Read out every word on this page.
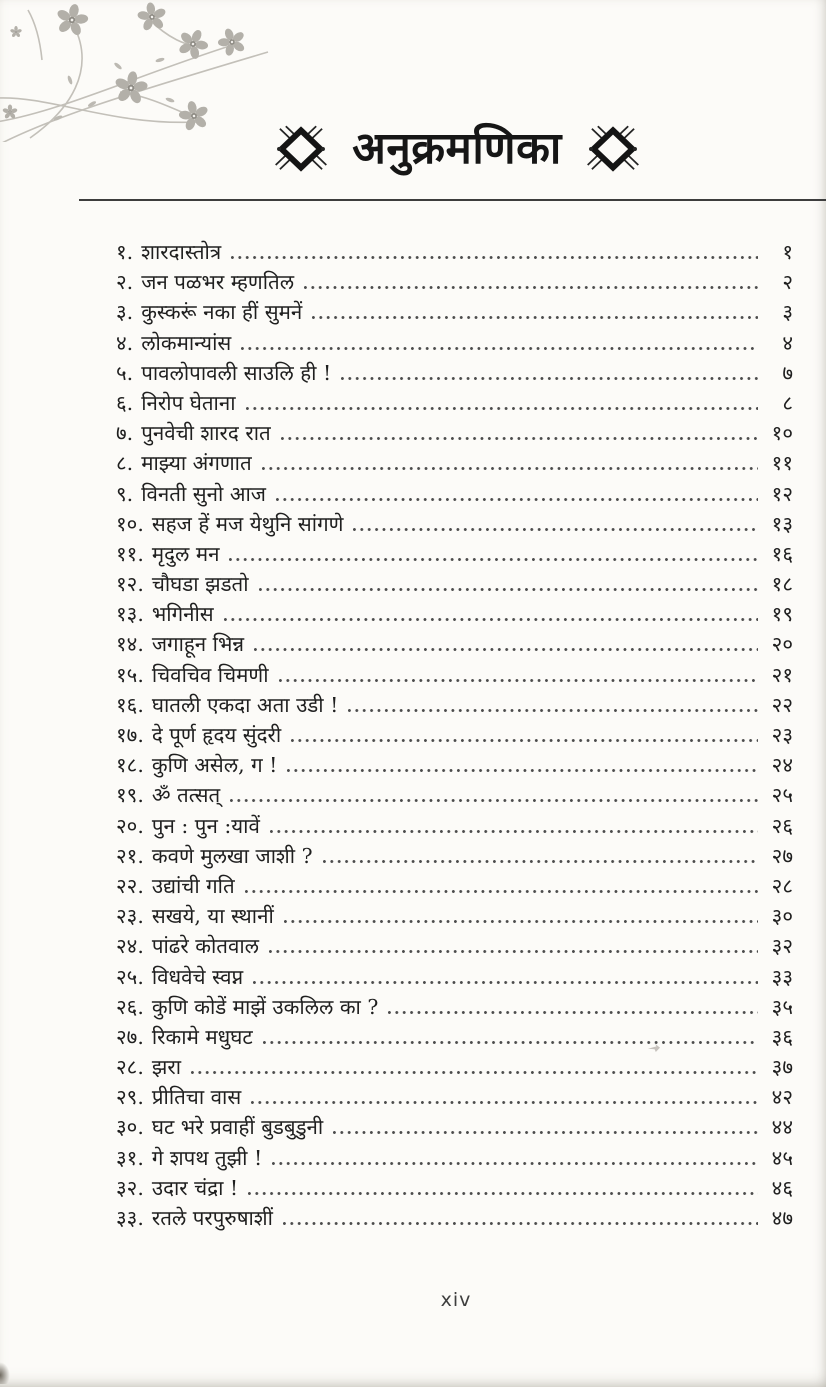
अनुक्रमणिका
१. शारदास्तोत्र	१
२. जन पळभर म्हणतिल	२
३. कुस्करूं नका हीं सुमनें	३
४. लोकमान्यांस	४
५. पावलोपावली साउलि ही !	७
६. निरोप घेताना	८
७. पुनवेची शारद रात	१०
८. माझ्या अंगणात	११
९. विनती सुनो आज	१२
१०. सहज हें मज येथुनि सांगणे	१३
११. मृदुल मन	१६
१२. चौघडा झडतो	१८
१३. भगिनीस	१९
१४. जगाहून भिन्न	२०
१५. चिवचिव चिमणी	२१
१६. घातली एकदा अता उडी !	२२
१७. दे पूर्ण हृदय सुंदरी	२३
१८. कुणि असेल, ग !	२४
१९. ॐ तत्सत्	२५
२०. पुन : पुन :यावें	२६
२१. कवणे मुलखा जाशी ?	२७
२२. उद्यांची गति	२८
२३. सखये, या स्थानीं	३०
२४. पांढरे कोतवाल	३२
२५. विधवेचे स्वप्न	३३
२६. कुणि कोडें माझें उकलिल का ?	३५
२७. रिकामे मधुघट	३६
२८. झरा	३७
२९. प्रीतिचा वास	४२
३०. घट भरे प्रवाहीं बुडबुडुनी	४४
३१. गे शपथ तुझी !	४५
३२. उदार चंद्रा !	४६
३३. रतले परपुरुषाशीं	४७
xiv
